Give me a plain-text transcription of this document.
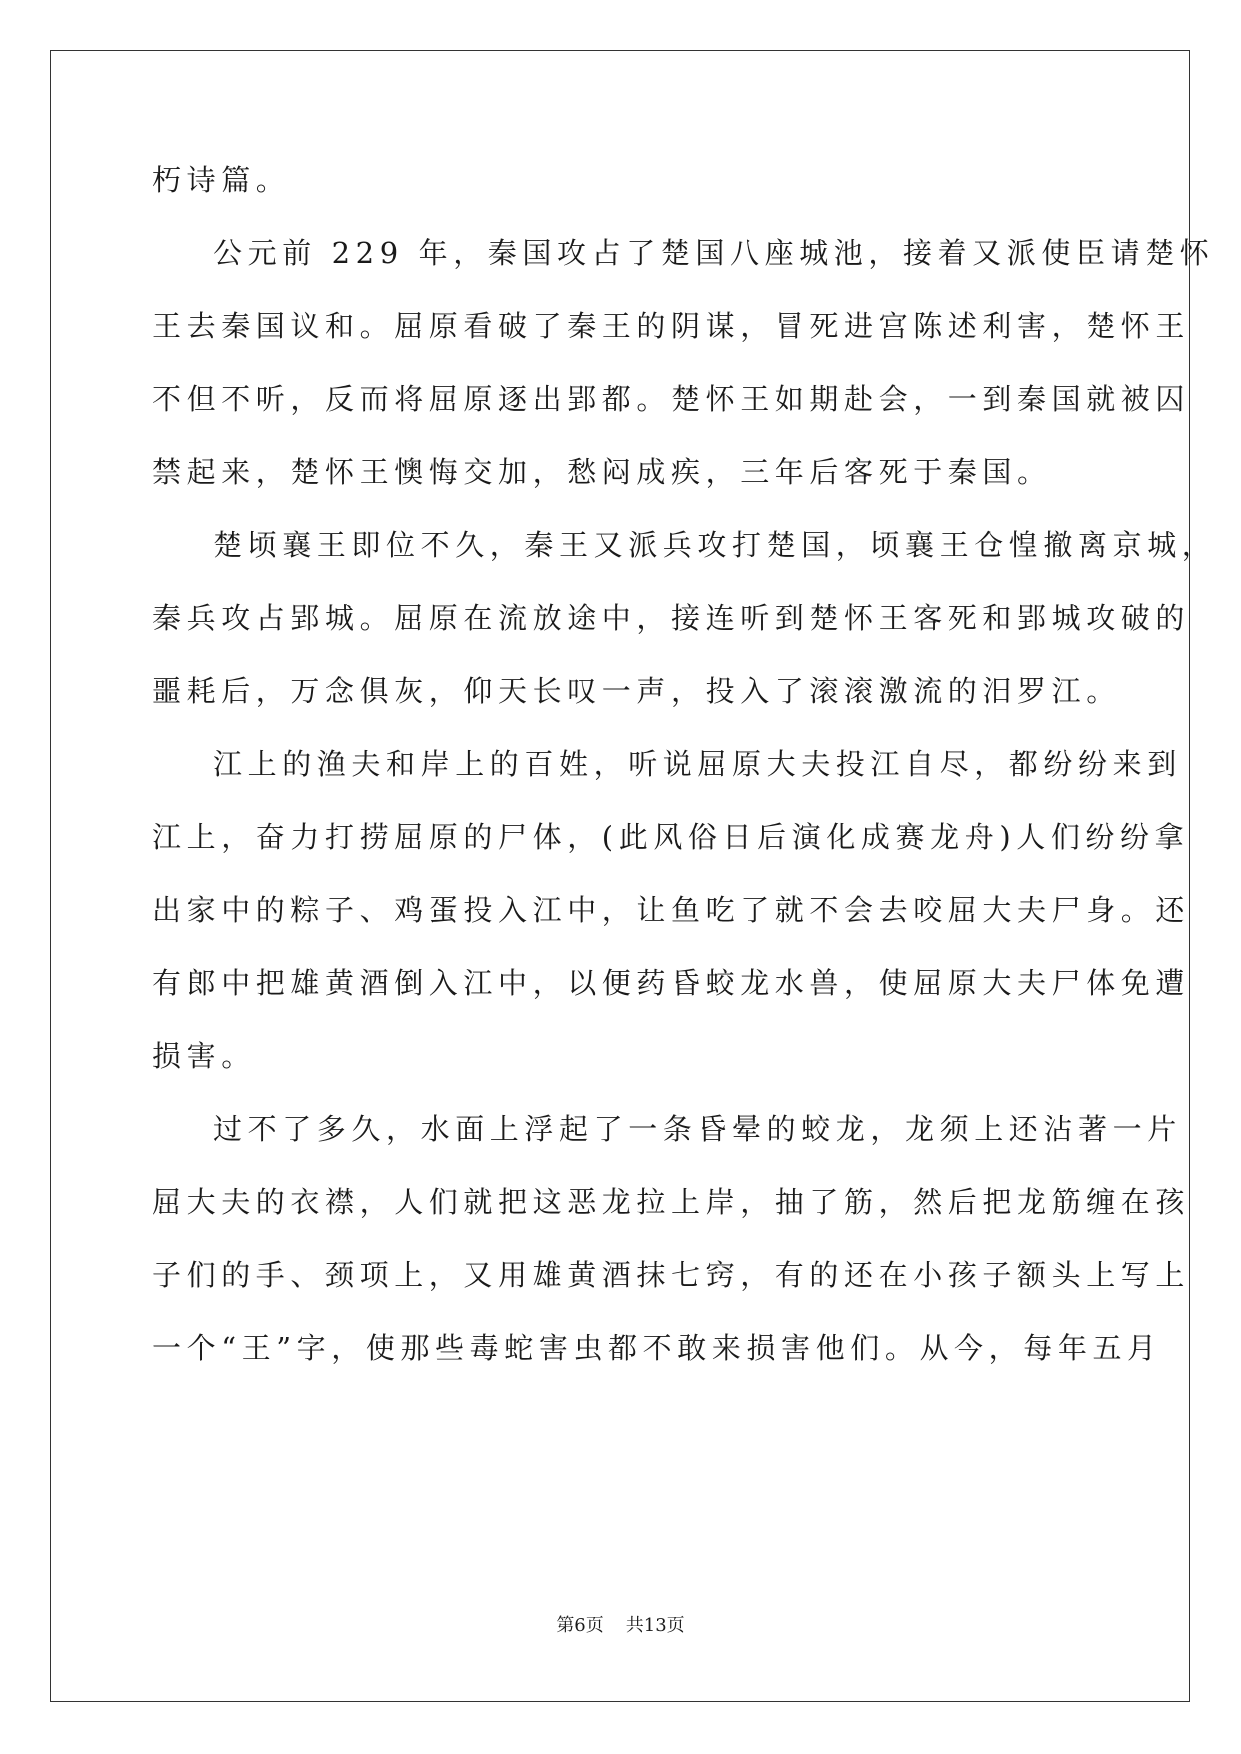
朽诗篇。
公元前 229 年，秦国攻占了楚国八座城池，接着又派使臣请楚怀
王去秦国议和。屈原看破了秦王的阴谋，冒死进宫陈述利害，楚怀王
不但不听，反而将屈原逐出郢都。楚怀王如期赴会，一到秦国就被囚
禁起来，楚怀王懊悔交加，愁闷成疾，三年后客死于秦国。
楚顷襄王即位不久，秦王又派兵攻打楚国，顷襄王仓惶撤离京城，
秦兵攻占郢城。屈原在流放途中，接连听到楚怀王客死和郢城攻破的
噩耗后，万念俱灰，仰天长叹一声，投入了滚滚激流的汨罗江。
江上的渔夫和岸上的百姓，听说屈原大夫投江自尽，都纷纷来到
江上，奋力打捞屈原的尸体，(此风俗日后演化成赛龙舟)人们纷纷拿
出家中的粽子、鸡蛋投入江中，让鱼吃了就不会去咬屈大夫尸身。还
有郎中把雄黄酒倒入江中，以便药昏蛟龙水兽，使屈原大夫尸体免遭
损害。
过不了多久，水面上浮起了一条昏晕的蛟龙，龙须上还沾著一片
屈大夫的衣襟，人们就把这恶龙拉上岸，抽了筋，然后把龙筋缠在孩
子们的手、颈项上，又用雄黄酒抹七窍，有的还在小孩子额头上写上
一个“王”字，使那些毒蛇害虫都不敢来损害他们。从今，每年五月
第6页 共13页
